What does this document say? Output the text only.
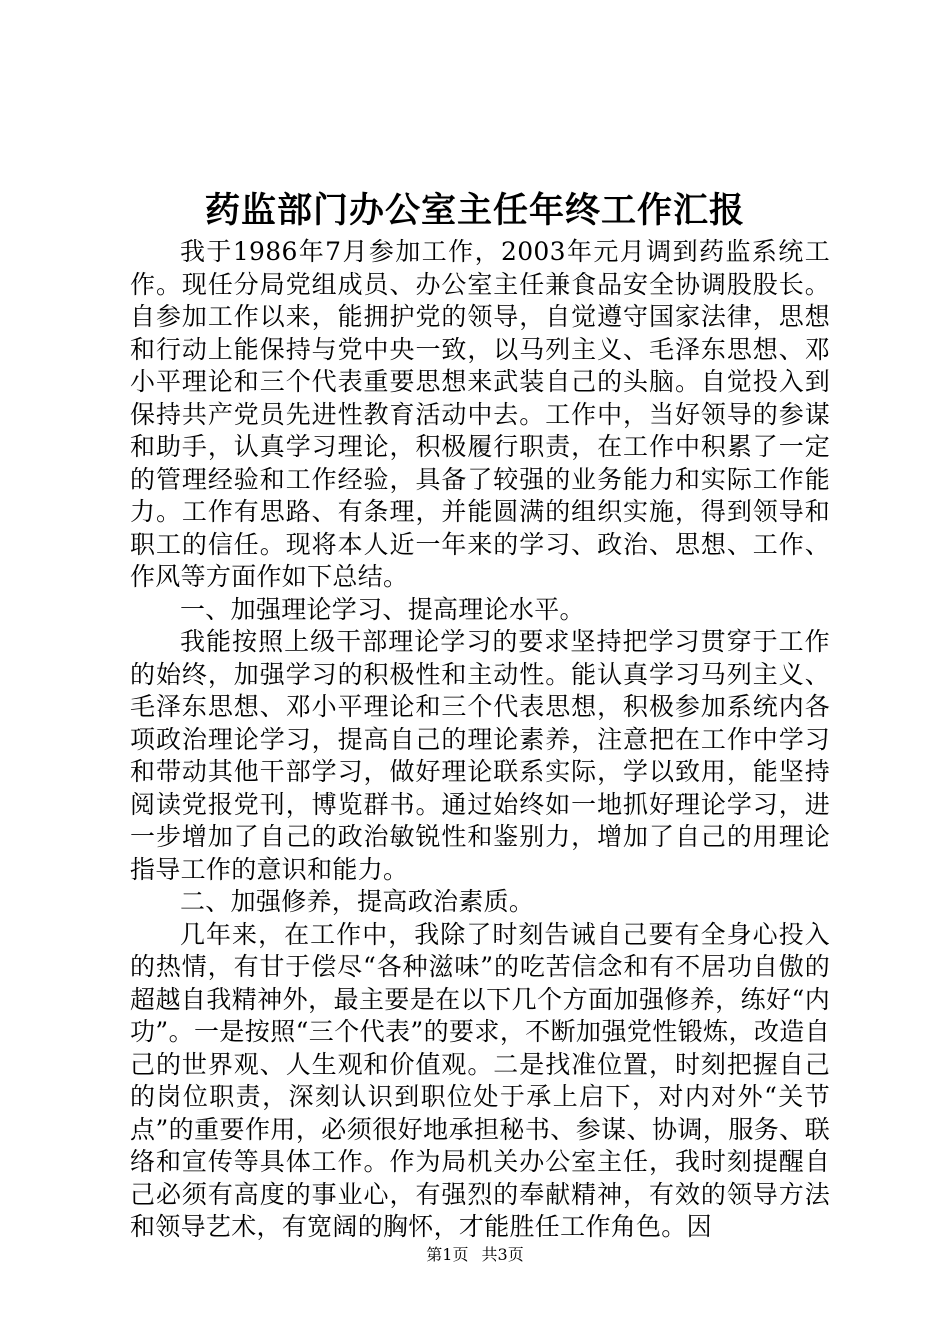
药监部门办公室主任年终工作汇报

我于1986年7月参加工作，2003年元月调到药监系统工作。现任分局党组成员、办公室主任兼食品安全协调股股长。自参加工作以来，能拥护党的领导，自觉遵守国家法律，思想和行动上能保持与党中央一致，以马列主义、毛泽东思想、邓小平理论和三个代表重要思想来武装自己的头脑。自觉投入到保持共产党员先进性教育活动中去。工作中，当好领导的参谋和助手，认真学习理论，积极履行职责，在工作中积累了一定的管理经验和工作经验，具备了较强的业务能力和实际工作能力。工作有思路、有条理，并能圆满的组织实施，得到领导和职工的信任。现将本人近一年来的学习、政治、思想、工作、作风等方面作如下总结。

一、加强理论学习、提高理论水平。

我能按照上级干部理论学习的要求坚持把学习贯穿于工作的始终，加强学习的积极性和主动性。能认真学习马列主义、毛泽东思想、邓小平理论和三个代表思想，积极参加系统内各项政治理论学习，提高自己的理论素养，注意把在工作中学习和带动其他干部学习，做好理论联系实际，学以致用，能坚持阅读党报党刊，博览群书。通过始终如一地抓好理论学习，进一步增加了自己的政治敏锐性和鉴别力，增加了自己的用理论指导工作的意识和能力。

二、加强修养，提高政治素质。

几年来，在工作中，我除了时刻告诫自己要有全身心投入的热情，有甘于偿尽“各种滋味”的吃苦信念和有不居功自傲的超越自我精神外，最主要是在以下几个方面加强修养，练好“内功”。一是按照“三个代表”的要求，不断加强党性锻炼，改造自己的世界观、人生观和价值观。二是找准位置，时刻把握自己的岗位职责，深刻认识到职位处于承上启下，对内对外“关节点”的重要作用，必须很好地承担秘书、参谋、协调，服务、联络和宣传等具体工作。作为局机关办公室主任，我时刻提醒自己必须有高度的事业心，有强烈的奉献精神，有效的领导方法和领导艺术，有宽阔的胸怀，才能胜任工作角色。因

第1页 共3页
